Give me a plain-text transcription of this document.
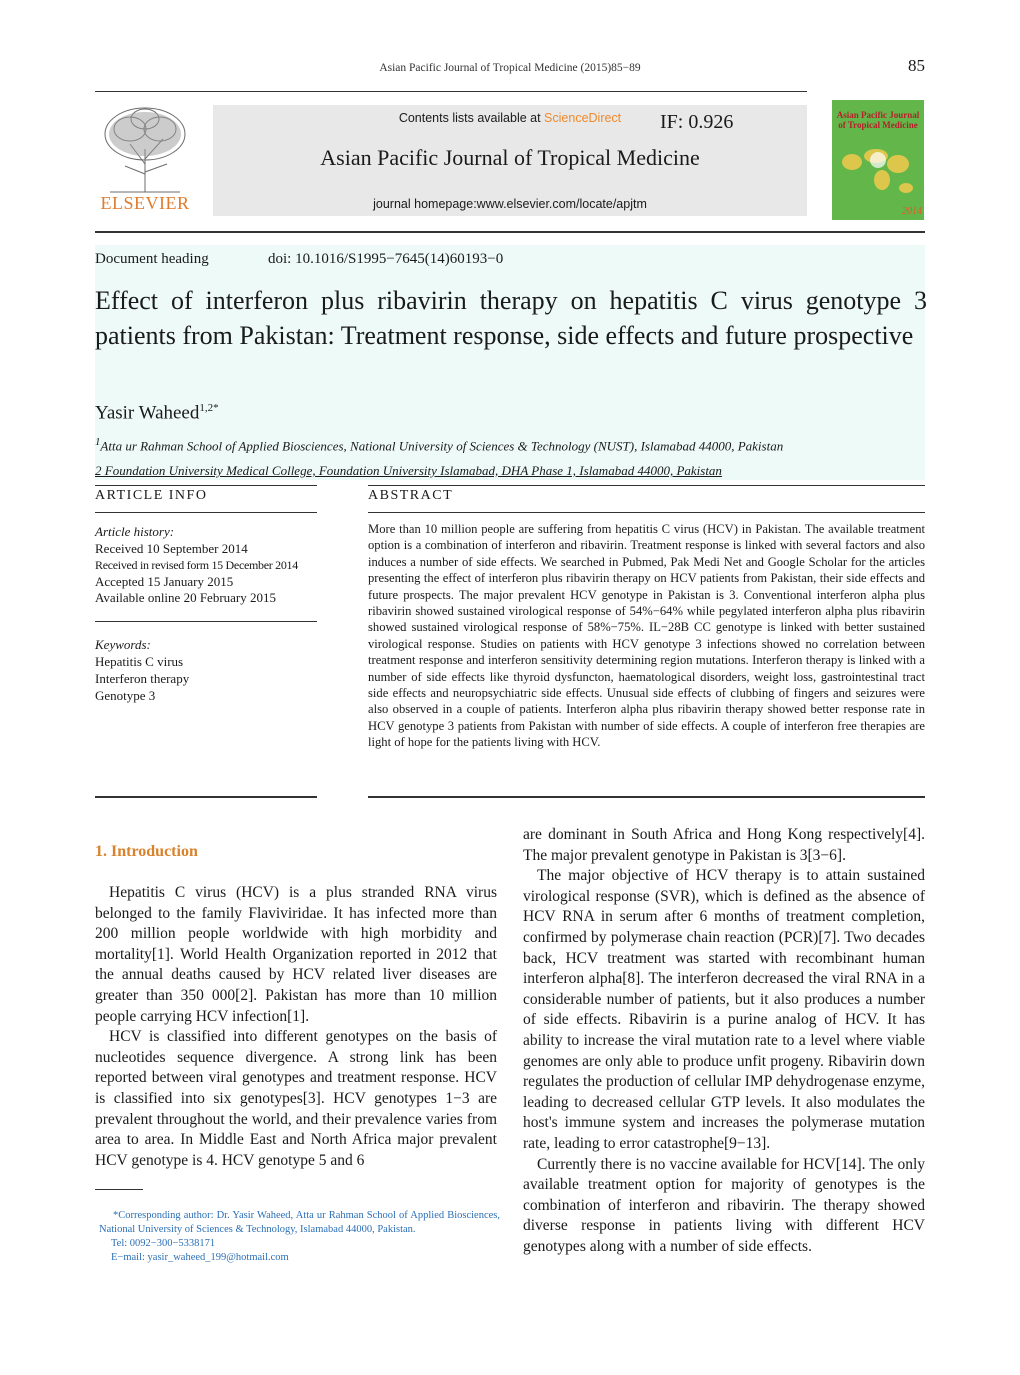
Asian Pacific Journal of Tropical Medicine (2015)85−89	85
ELSEVIER
Contents lists available at ScienceDirect	IF: 0.926
Asian Pacific Journal of Tropical Medicine
journal homepage:www.elsevier.com/locate/apjtm
Asian Pacific Journal of Tropical Medicine
2014
Document heading	doi: 10.1016/S1995−7645(14)60193−0
Effect of interferon plus ribavirin therapy on hepatitis C virus genotype 3 patients from Pakistan: Treatment response, side effects and future prospective
Yasir Waheed$^{1,2*}$
$^1$Atta ur Rahman School of Applied Biosciences, National University of Sciences & Technology (NUST), Islamabad 44000, Pakistan
2 Foundation University Medical College, Foundation University Islamabad, DHA Phase 1, Islamabad 44000, Pakistan
ARTICLE INFO
Article history:
Received 10 September 2014
Received in revised form 15 December 2014
Accepted 15 January 2015
Available online 20 February 2015
Keywords:
Hepatitis C virus
Interferon therapy
Genotype 3
ABSTRACT
More than 10 million people are suffering from hepatitis C virus (HCV) in Pakistan. The available treatment option is a combination of interferon and ribavirin. Treatment response is linked with several factors and also induces a number of side effects. We searched in Pubmed, Pak Medi Net and Google Scholar for the articles presenting the effect of interferon plus ribavirin therapy on HCV patients from Pakistan, their side effects and future prospects. The major prevalent HCV genotype in Pakistan is 3. Conventional interferon alpha plus ribavirin showed sustained virological response of 54%−64% while pegylated interferon alpha plus ribavirin showed sustained virological response of 58%−75%. IL−28B CC genotype is linked with better sustained virological response. Studies on patients with HCV genotype 3 infections showed no correlation between treatment response and interferon sensitivity determining region mutations. Interferon therapy is linked with a number of side effects like thyroid dysfuncton, haematological disorders, weight loss, gastrointestinal tract side effects and neuropsychiatric side effects. Unusual side effects of clubbing of fingers and seizures were also observed in a couple of patients. Interferon alpha plus ribavirin therapy showed better response rate in HCV genotype 3 patients from Pakistan with number of side effects. A couple of interferon free therapies are light of hope for the patients living with HCV.
1. Introduction

Hepatitis C virus (HCV) is a plus stranded RNA virus belonged to the family Flaviviridae. It has infected more than 200 million people worldwide with high morbidity and mortality[1]. World Health Organization reported in 2012 that the annual deaths caused by HCV related liver diseases are greater than 350 000[2]. Pakistan has more than 10 million people carrying HCV infection[1].

HCV is classified into different genotypes on the basis of nucleotides sequence divergence. A strong link has been reported between viral genotypes and treatment response. HCV is classified into six genotypes[3]. HCV genotypes 1−3 are prevalent throughout the world, and their prevalence varies from area to area. In Middle East and North Africa major prevalent HCV genotype is 4. HCV genotype 5 and 6

are dominant in South Africa and Hong Kong respectively[4]. The major prevalent genotype in Pakistan is 3[3−6].

The major objective of HCV therapy is to attain sustained virological response (SVR), which is defined as the absence of HCV RNA in serum after 6 months of treatment completion, confirmed by polymerase chain reaction (PCR)[7]. Two decades back, HCV treatment was started with recombinant human interferon alpha[8]. The interferon decreased the viral RNA in a considerable number of patients, but it also produces a number of side effects. Ribavirin is a purine analog of HCV. It has ability to increase the viral mutation rate to a level where viable genomes are only able to produce unfit progeny. Ribavirin down regulates the production of cellular IMP dehydrogenase enzyme, leading to decreased cellular GTP levels. It also modulates the host's immune system and increases the polymerase mutation rate, leading to error catastrophe[9−13].

Currently there is no vaccine available for HCV[14]. The only available treatment option for majority of genotypes is the combination of interferon and ribavirin. The therapy showed diverse response in patients living with different HCV genotypes along with a number of side effects.

*Corresponding author: Dr. Yasir Waheed, Atta ur Rahman School of Applied Biosciences, National University of Sciences & Technology, Islamabad 44000, Pakistan.
Tel: 0092−300−5338171
E−mail: yasir_waheed_199@hotmail.com
